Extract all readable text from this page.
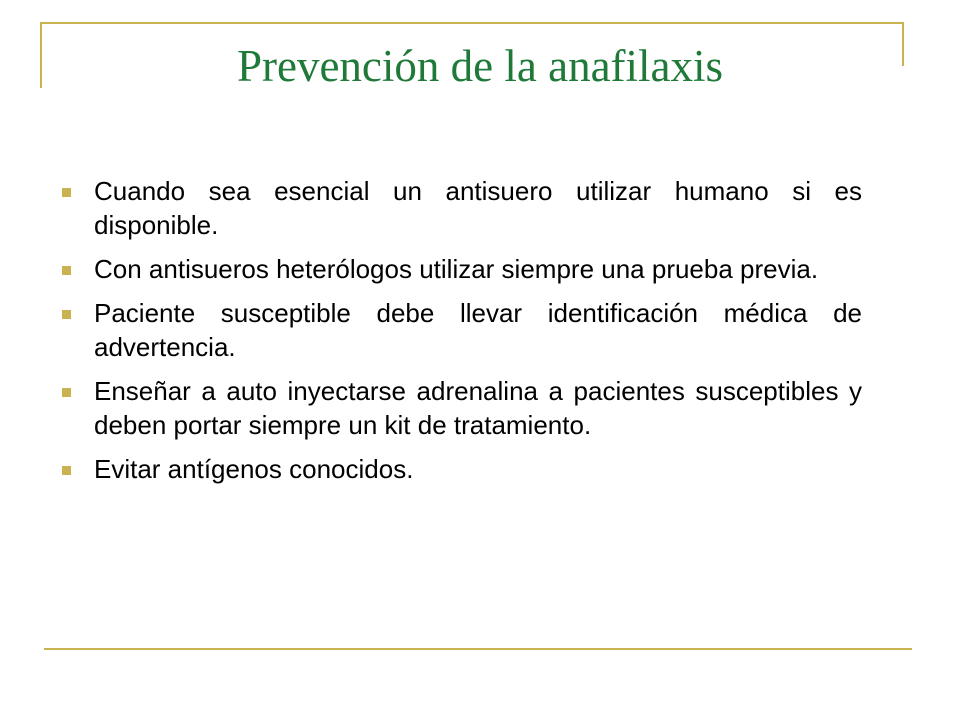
Prevención de la anafilaxis
Cuando sea esencial un antisuero utilizar humano si es disponible.
Con antisueros heterólogos utilizar siempre una prueba previa.
Paciente susceptible debe llevar identificación médica de advertencia.
Enseñar a auto inyectarse adrenalina a pacientes susceptibles y deben portar siempre un kit de tratamiento.
Evitar antígenos conocidos.
